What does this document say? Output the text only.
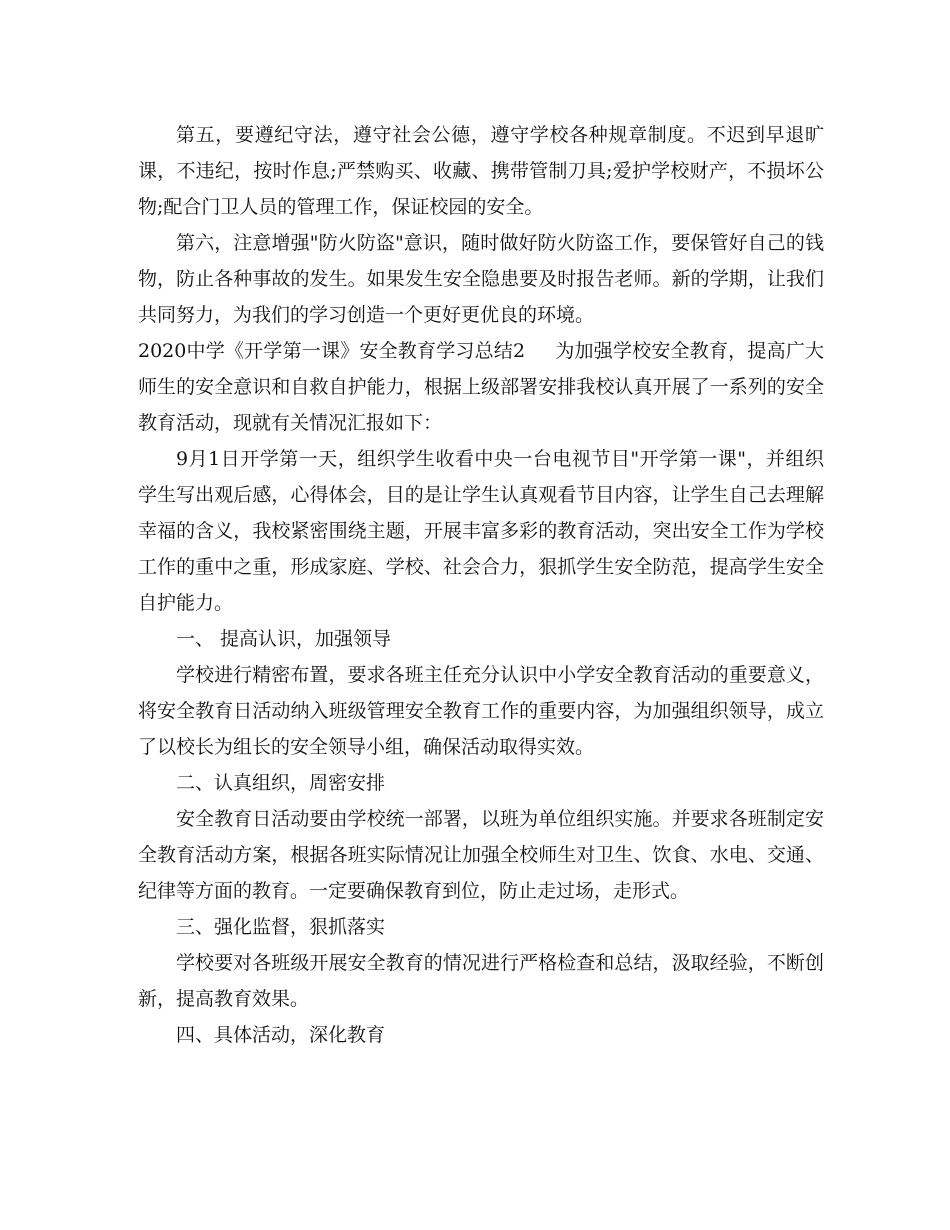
第五，要遵纪守法，遵守社会公德，遵守学校各种规章制度。不迟到早退旷课，不违纪，按时作息;严禁购买、收藏、携带管制刀具;爱护学校财产，不损坏公物;配合门卫人员的管理工作，保证校园的安全。

第六，注意增强"防火防盗"意识，随时做好防火防盗工作，要保管好自己的钱物，防止各种事故的发生。如果发生安全隐患要及时报告老师。新的学期，让我们共同努力，为我们的学习创造一个更好更优良的环境。

2020中学《开学第一课》安全教育学习总结2 为加强学校安全教育，提高广大师生的安全意识和自救自护能力，根据上级部署安排我校认真开展了一系列的安全教育活动，现就有关情况汇报如下：

9月1日开学第一天，组织学生收看中央一台电视节目"开学第一课"，并组织学生写出观后感，心得体会，目的是让学生认真观看节目内容，让学生自己去理解幸福的含义，我校紧密围绕主题，开展丰富多彩的教育活动，突出安全工作为学校工作的重中之重，形成家庭、学校、社会合力，狠抓学生安全防范，提高学生安全自护能力。

一、 提高认识，加强领导

学校进行精密布置，要求各班主任充分认识中小学安全教育活动的重要意义，将安全教育日活动纳入班级管理安全教育工作的重要内容，为加强组织领导，成立了以校长为组长的安全领导小组，确保活动取得实效。

二、认真组织，周密安排

安全教育日活动要由学校统一部署，以班为单位组织实施。并要求各班制定安全教育活动方案，根据各班实际情况让加强全校师生对卫生、饮食、水电、交通、纪律等方面的教育。一定要确保教育到位，防止走过场，走形式。

三、强化监督，狠抓落实

学校要对各班级开展安全教育的情况进行严格检查和总结，汲取经验，不断创新，提高教育效果。

四、具体活动，深化教育
